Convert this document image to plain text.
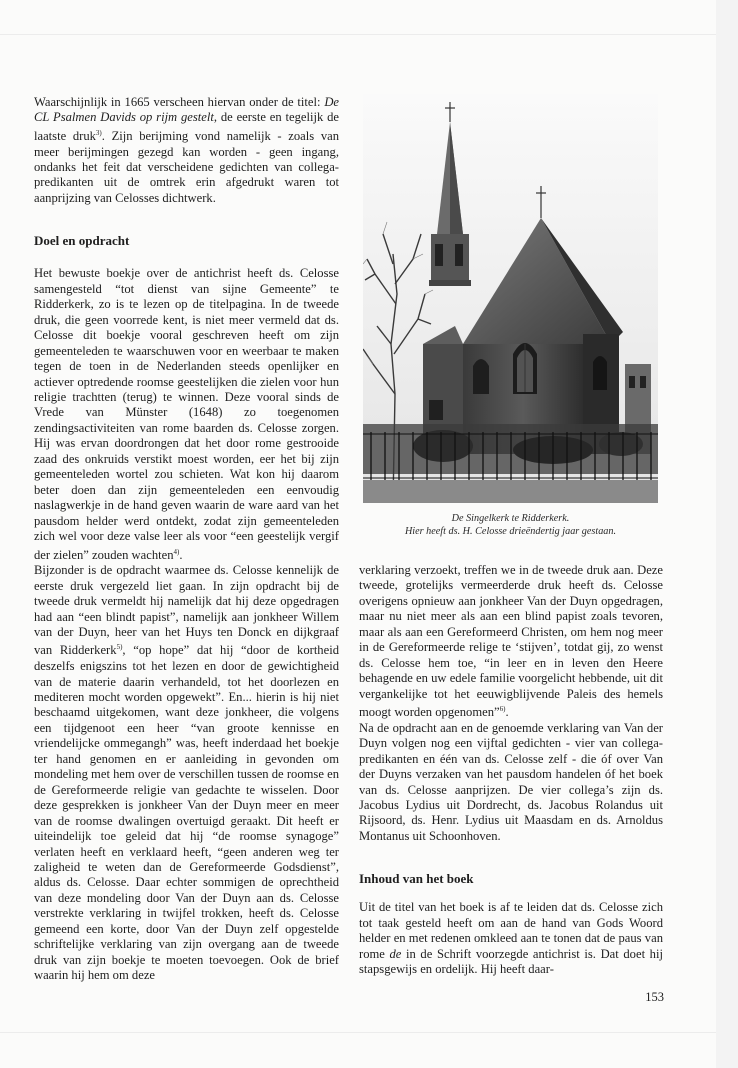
Waarschijnlijk in 1665 verscheen hiervan onder de titel: De CL Psalmen Davids op rijm gestelt, de eerste en tegelijk de laatste druk$^{3)}$. Zijn berijming vond namelijk - zoals van meer berijmingen gezegd kan worden - geen ingang, ondanks het feit dat verscheidene gedichten van collega-predikanten uit de omtrek erin afgedrukt waren tot aanprijzing van Celosses dichtwerk.

Doel en opdracht

Het bewuste boekje over de antichrist heeft ds. Celosse samengesteld “tot dienst van sijne Gemeente” te Ridderkerk, zo is te lezen op de titelpagina. In de tweede druk, die geen voorrede kent, is niet meer vermeld dat ds. Celosse dit boekje vooral geschreven heeft om zijn gemeenteleden te waarschuwen voor en weerbaar te maken tegen de toen in de Nederlanden steeds openlijker en actiever optredende roomse geestelijken die zielen voor hun religie trachtten (terug) te winnen. Deze vooral sinds de Vrede van Münster (1648) zo toegenomen zendingsactiviteiten van rome baarden ds. Celosse zorgen. Hij was ervan doordrongen dat het door rome gestrooide zaad des onkruids verstikt moest worden, eer het bij zijn gemeenteleden wortel zou schieten. Wat kon hij daarom beter doen dan zijn gemeenteleden een eenvoudig naslagwerkje in de hand geven waarin de ware aard van het pausdom helder werd ontdekt, zodat zijn gemeenteleden zich wel voor deze valse leer als voor “een geestelijk vergif der zielen” zouden wachten$^{4)}$.

Bijzonder is de opdracht waarmee ds. Celosse kennelijk de eerste druk vergezeld liet gaan. In zijn opdracht bij de tweede druk vermeldt hij namelijk dat hij deze opgedragen had aan “een blindt papist”, namelijk aan jonkheer Willem van der Duyn, heer van het Huys ten Donck en dijkgraaf van Ridderkerk$^{5)}$, “op hope” dat hij “door de kortheid deszelfs enigszins tot het lezen en door de gewichtigheid van de materie daarin verhandeld, tot het doorlezen en mediteren mocht worden opgewekt”. En... hierin is hij niet beschaamd uitgekomen, want deze jonkheer, die volgens een tijdgenoot een heer “van groote kennisse en vriendelijcke ommegangh” was, heeft inderdaad het boekje ter hand genomen en er aanleiding in gevonden om mondeling met hem over de verschillen tussen de roomse en de Gereformeerde religie van gedachte te wisselen. Door deze gesprekken is jonkheer Van der Duyn meer en meer van de roomse dwalingen overtuigd geraakt. Dit heeft er uiteindelijk toe geleid dat hij “de roomse synagoge” verlaten heeft en verklaard heeft, “geen anderen weg ter zaligheid te weten dan de Gereformeerde Godsdienst”, aldus ds. Celosse. Daar echter sommigen de oprechtheid van deze mondeling door Van der Duyn aan ds. Celosse verstrekte verklaring in twijfel trokken, heeft ds. Celosse gemeend een korte, door Van der Duyn zelf opgestelde schriftelijke verklaring van zijn overgang aan de tweede druk van zijn boekje te moeten toevoegen. Ook de brief waarin hij hem om deze

De Singelkerk te Ridderkerk.
Hier heeft ds. H. Celosse drieëndertig jaar gestaan.

verklaring verzoekt, treffen we in de tweede druk aan. Deze tweede, grotelijks vermeerderde druk heeft ds. Celosse overigens opnieuw aan jonkheer Van der Duyn opgedragen, maar nu niet meer als aan een blind papist zoals tevoren, maar als aan een Gereformeerd Christen, om hem nog meer in de Gereformeerde relige te ‘stijven’, totdat gij, zo wenst ds. Celosse hem toe, “in leer en in leven den Heere behagende en uw edele familie voorgelicht hebbende, uit dit vergankelijke tot het eeuwigblijvende Paleis des hemels moogt worden opgenomen”$^{6)}$.

Na de opdracht aan en de genoemde verklaring van Van der Duyn volgen nog een vijftal gedichten - vier van collega-predikanten en één van ds. Celosse zelf - die óf over Van der Duyns verzaken van het pausdom handelen óf het boek van ds. Celosse aanprijzen. De vier collega’s zijn ds. Jacobus Lydius uit Dordrecht, ds. Jacobus Rolandus uit Rijsoord, ds. Henr. Lydius uit Maasdam en ds. Arnoldus Montanus uit Schoonhoven.

Inhoud van het boek

Uit de titel van het boek is af te leiden dat ds. Celosse zich tot taak gesteld heeft om aan de hand van Gods Woord helder en met redenen omkleed aan te tonen dat de paus van rome de in de Schrift voorzegde antichrist is. Dat doet hij stapsgewijs en ordelijk. Hij heeft daar-

153
